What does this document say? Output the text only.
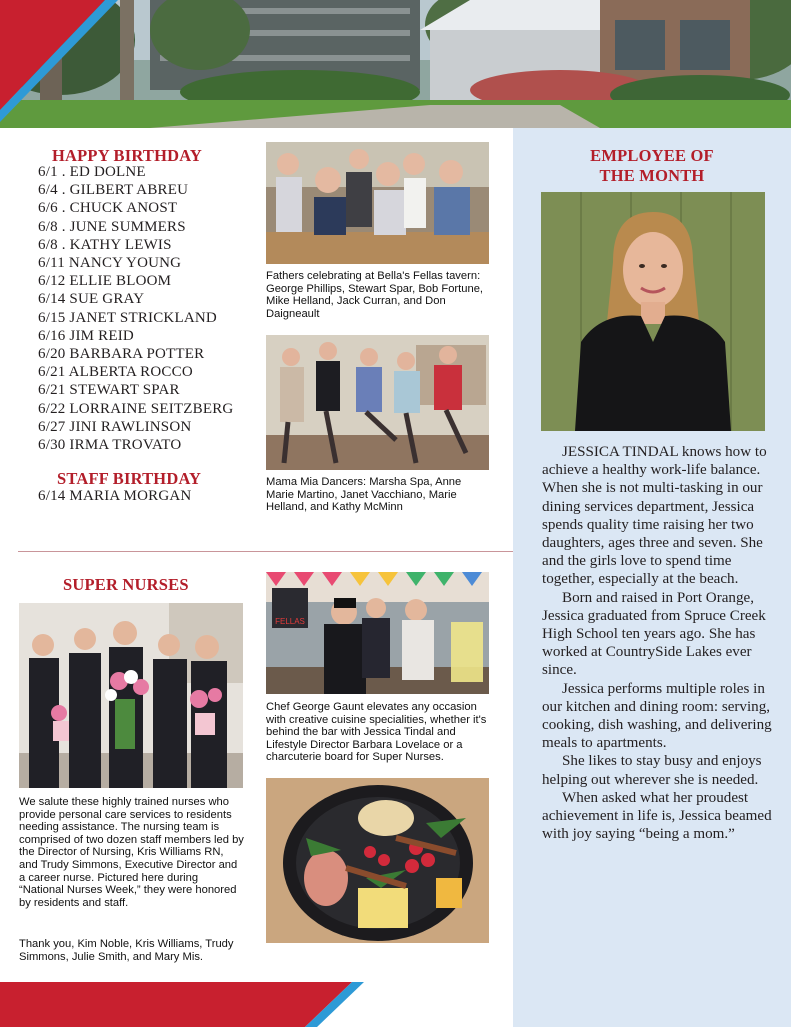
HAPPY BIRTHDAY
6/1 . ED DOLNE
6/4 . GILBERT ABREU
6/6 . CHUCK ANOST
6/8 . JUNE SUMMERS
6/8 . KATHY LEWIS
6/11 NANCY YOUNG
6/12 ELLIE BLOOM
6/14 SUE GRAY
6/15 JANET STRICKLAND
6/16 JIM REID
6/20 BARBARA POTTER
6/21 ALBERTA ROCCO
6/21 STEWART SPAR
6/22 LORRAINE SEITZBERG
6/27 JINI RAWLINSON
6/30 IRMA TROVATO
STAFF BIRTHDAY
6/14 MARIA MORGAN
Fathers celebrating at Bella's Fellas tavern: George Phillips, Stewart Spar, Bob Fortune, Mike Helland, Jack Curran, and Don Daigneault
Mama Mia Dancers: Marsha Spa, Anne Marie Martino, Janet Vacchiano, Marie Helland, and Kathy McMinn
SUPER NURSES
We salute these highly trained nurses who provide personal care services to residents needing assistance. The nursing team is comprised of two dozen staff members led by the Director of Nursing, Kris Williams RN, and Trudy Simmons, Executive Director and a career nurse. Pictured here during “National Nurses Week,” they were honored by residents and staff.
Thank you, Kim Noble, Kris Williams, Trudy Simmons, Julie Smith, and Mary Mis.
FELLAS
Chef George Gaunt elevates any occasion with creative cuisine specialities, whether it's behind the bar with Jessica Tindal and Lifestyle Director Barbara Lovelace or a charcuterie board for Super Nurses.
EMPLOYEE OF
THE MONTH

JESSICA TINDAL knows how to achieve a healthy work-life balance. When she is not multi-tasking in our dining services department, Jessica spends quality time raising her two daughters, ages three and seven. She and the girls love to spend time together, especially at the beach.

Born and raised in Port Orange, Jessica graduated from Spruce Creek High School ten years ago. She has worked at CountrySide Lakes ever since.

Jessica performs multiple roles in our kitchen and dining room: serving, cooking, dish washing, and delivering meals to apartments.

She likes to stay busy and enjoys helping out wherever she is needed.

When asked what her proudest achievement in life is, Jessica beamed with joy saying “being a mom.”
